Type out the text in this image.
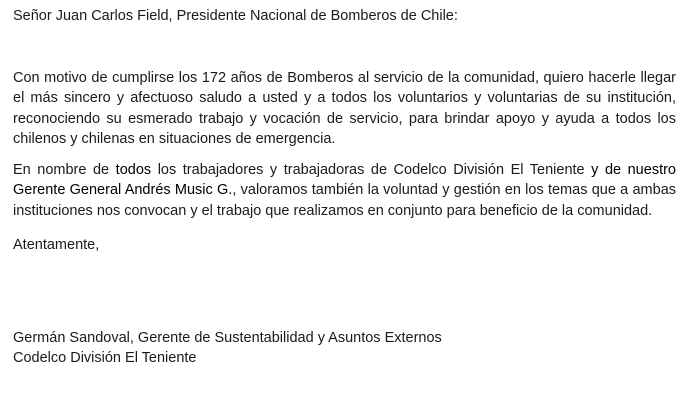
Señor Juan Carlos Field, Presidente Nacional de Bomberos de Chile:

Con motivo de cumplirse los 172 años de Bomberos al servicio de la comunidad, quiero hacerle llegar el más sincero y afectuoso saludo a usted y a todos los voluntarios y voluntarias de su institución, reconociendo su esmerado trabajo y vocación de servicio, para brindar apoyo y ayuda a todos los chilenos y chilenas en situaciones de emergencia.

En nombre de todos los trabajadores y trabajadoras de Codelco División El Teniente y de nuestro Gerente General Andrés Music G., valoramos también la voluntad y gestión en los temas que a ambas instituciones nos convocan y el trabajo que realizamos en conjunto para beneficio de la comunidad.

Atentamente,

Germán Sandoval, Gerente de Sustentabilidad y Asuntos Externos
Codelco División El Teniente
